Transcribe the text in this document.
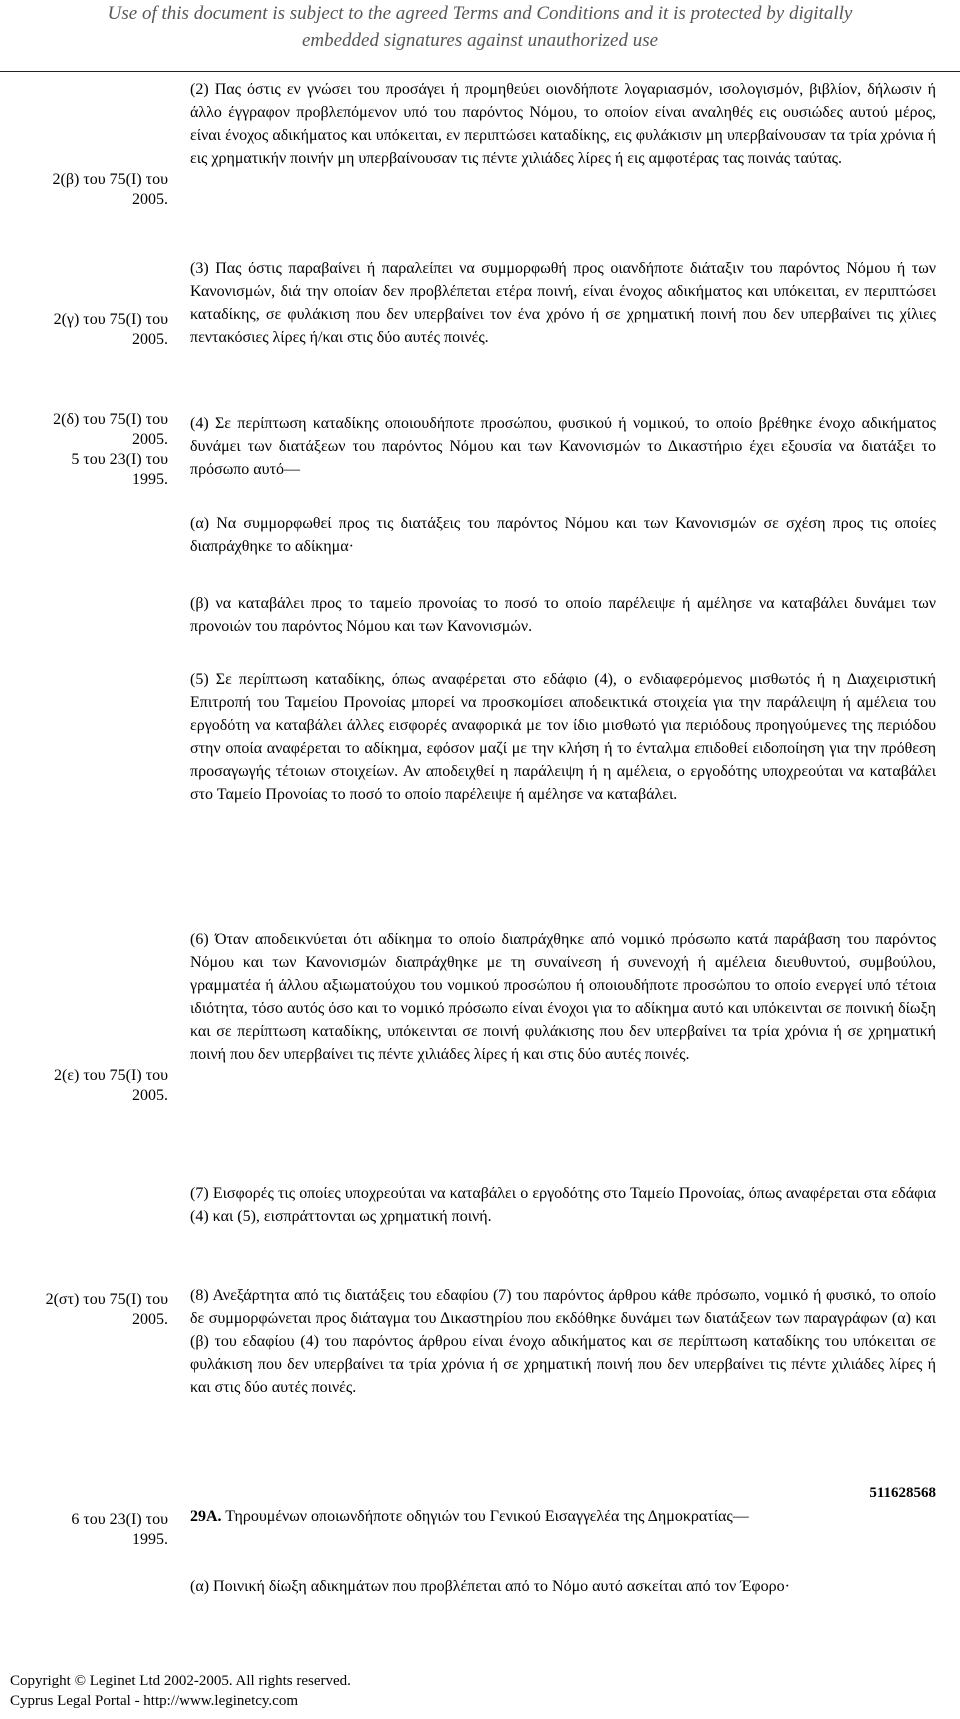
Use of this document is subject to the agreed Terms and Conditions and it is protected by digitally
embedded signatures against unauthorized use
2(β) του 75(Ι) του
2005.
2(γ) του 75(Ι) του
2005.
2(δ) του 75(Ι) του
2005.
5 του 23(Ι) του
1995.
2(ε) του 75(Ι) του
2005.
2(στ) του 75(Ι) του
2005.
6 του 23(Ι) του
1995.

(2) Πας όστις εν γνώσει του προσάγει ή προμηθεύει οιονδήποτε λογαριασμόν, ισολογισμόν, βιβλίον, δήλωσιν ή άλλο έγγραφον προβλεπόμενον υπό του παρόντος Νόμου, το οποίον είναι αναληθές εις ουσιώδες αυτού μέρος, είναι ένοχος αδικήματος και υπόκειται, εν περιπτώσει καταδίκης, εις φυλάκισιν μη υπερβαίνουσαν τα τρία χρόνια ή εις χρηματικήν ποινήν μη υπερβαίνουσαν τις πέντε χιλιάδες λίρες ή εις αμφοτέρας τας ποινάς ταύτας.

(3) Πας όστις παραβαίνει ή παραλείπει να συμμορφωθή προς οιανδήποτε διάταξιν του παρόντος Νόμου ή των Κανονισμών, διά την οποίαν δεν προβλέπεται ετέρα ποινή, είναι ένοχος αδικήματος και υπόκειται, εν περιπτώσει καταδίκης, σε φυλάκιση που δεν υπερβαίνει τον ένα χρόνο ή σε χρηματική ποινή που δεν υπερβαίνει τις χίλιες πεντακόσιες λίρες ή/και στις δύο αυτές ποινές.

(4) Σε περίπτωση καταδίκης οποιουδήποτε προσώπου, φυσικού ή νομικού, το οποίο βρέθηκε ένοχο αδικήματος δυνάμει των διατάξεων του παρόντος Νόμου και των Κανονισμών το Δικαστήριο έχει εξουσία να διατάξει το πρόσωπο αυτό—

(α) Να συμμορφωθεί προς τις διατάξεις του παρόντος Νόμου και των Κανονισμών σε σχέση προς τις οποίες διαπράχθηκε το αδίκημα·

(β) να καταβάλει προς το ταμείο προνοίας το ποσό το οποίο παρέλειψε ή αμέλησε να καταβάλει δυνάμει των προνοιών του παρόντος Νόμου και των Κανονισμών.

(5) Σε περίπτωση καταδίκης, όπως αναφέρεται στο εδάφιο (4), ο ενδιαφερόμενος μισθωτός ή η Διαχειριστική Επιτροπή του Ταμείου Προνοίας μπορεί να προσκομίσει αποδεικτικά στοιχεία για την παράλειψη ή αμέλεια του εργοδότη να καταβάλει άλλες εισφορές αναφορικά με τον ίδιο μισθωτό για περιόδους προηγούμενες της περιόδου στην οποία αναφέρεται το αδίκημα, εφόσον μαζί με την κλήση ή το ένταλμα επιδοθεί ειδοποίηση για την πρόθεση προσαγωγής τέτοιων στοιχείων. Αν αποδειχθεί η παράλειψη ή η αμέλεια, ο εργοδότης υποχρεούται να καταβάλει στο Ταμείο Προνοίας το ποσό το οποίο παρέλειψε ή αμέλησε να καταβάλει.

(6) Όταν αποδεικνύεται ότι αδίκημα το οποίο διαπράχθηκε από νομικό πρόσωπο κατά παράβαση του παρόντος Νόμου και των Κανονισμών διαπράχθηκε με τη συναίνεση ή συνενοχή ή αμέλεια διευθυντού, συμβούλου, γραμματέα ή άλλου αξιωματούχου του νομικού προσώπου ή οποιουδήποτε προσώπου το οποίο ενεργεί υπό τέτοια ιδιότητα, τόσο αυτός όσο και το νομικό πρόσωπο είναι ένοχοι για το αδίκημα αυτό και υπόκεινται σε ποινική δίωξη και σε περίπτωση καταδίκης, υπόκεινται σε ποινή φυλάκισης που δεν υπερβαίνει τα τρία χρόνια ή σε χρηματική ποινή που δεν υπερβαίνει τις πέντε χιλιάδες λίρες ή και στις δύο αυτές ποινές.

(7) Εισφορές τις οποίες υποχρεούται να καταβάλει ο εργοδότης στο Ταμείο Προνοίας, όπως αναφέρεται στα εδάφια (4) και (5), εισπράττονται ως χρηματική ποινή.

(8) Ανεξάρτητα από τις διατάξεις του εδαφίου (7) του παρόντος άρθρου κάθε πρόσωπο, νομικό ή φυσικό, το οποίο δε συμμορφώνεται προς διάταγμα του Δικαστηρίου που εκδόθηκε δυνάμει των διατάξεων των παραγράφων (α) και (β) του εδαφίου (4) του παρόντος άρθρου είναι ένοχο αδικήματος και σε περίπτωση καταδίκης του υπόκειται σε φυλάκιση που δεν υπερβαίνει τα τρία χρόνια ή σε χρηματική ποινή που δεν υπερβαίνει τις πέντε χιλιάδες λίρες ή και στις δύο αυτές ποινές.

511628568

29Α. Τηρουμένων οποιωνδήποτε οδηγιών του Γενικού Εισαγγελέα της Δημοκρατίας—

(α) Ποινική δίωξη αδικημάτων που προβλέπεται από το Νόμο αυτό ασκείται από τον Έφορο·

Copyright © Leginet Ltd 2002-2005. All rights reserved.
Cyprus Legal Portal - http://www.leginetcy.com
